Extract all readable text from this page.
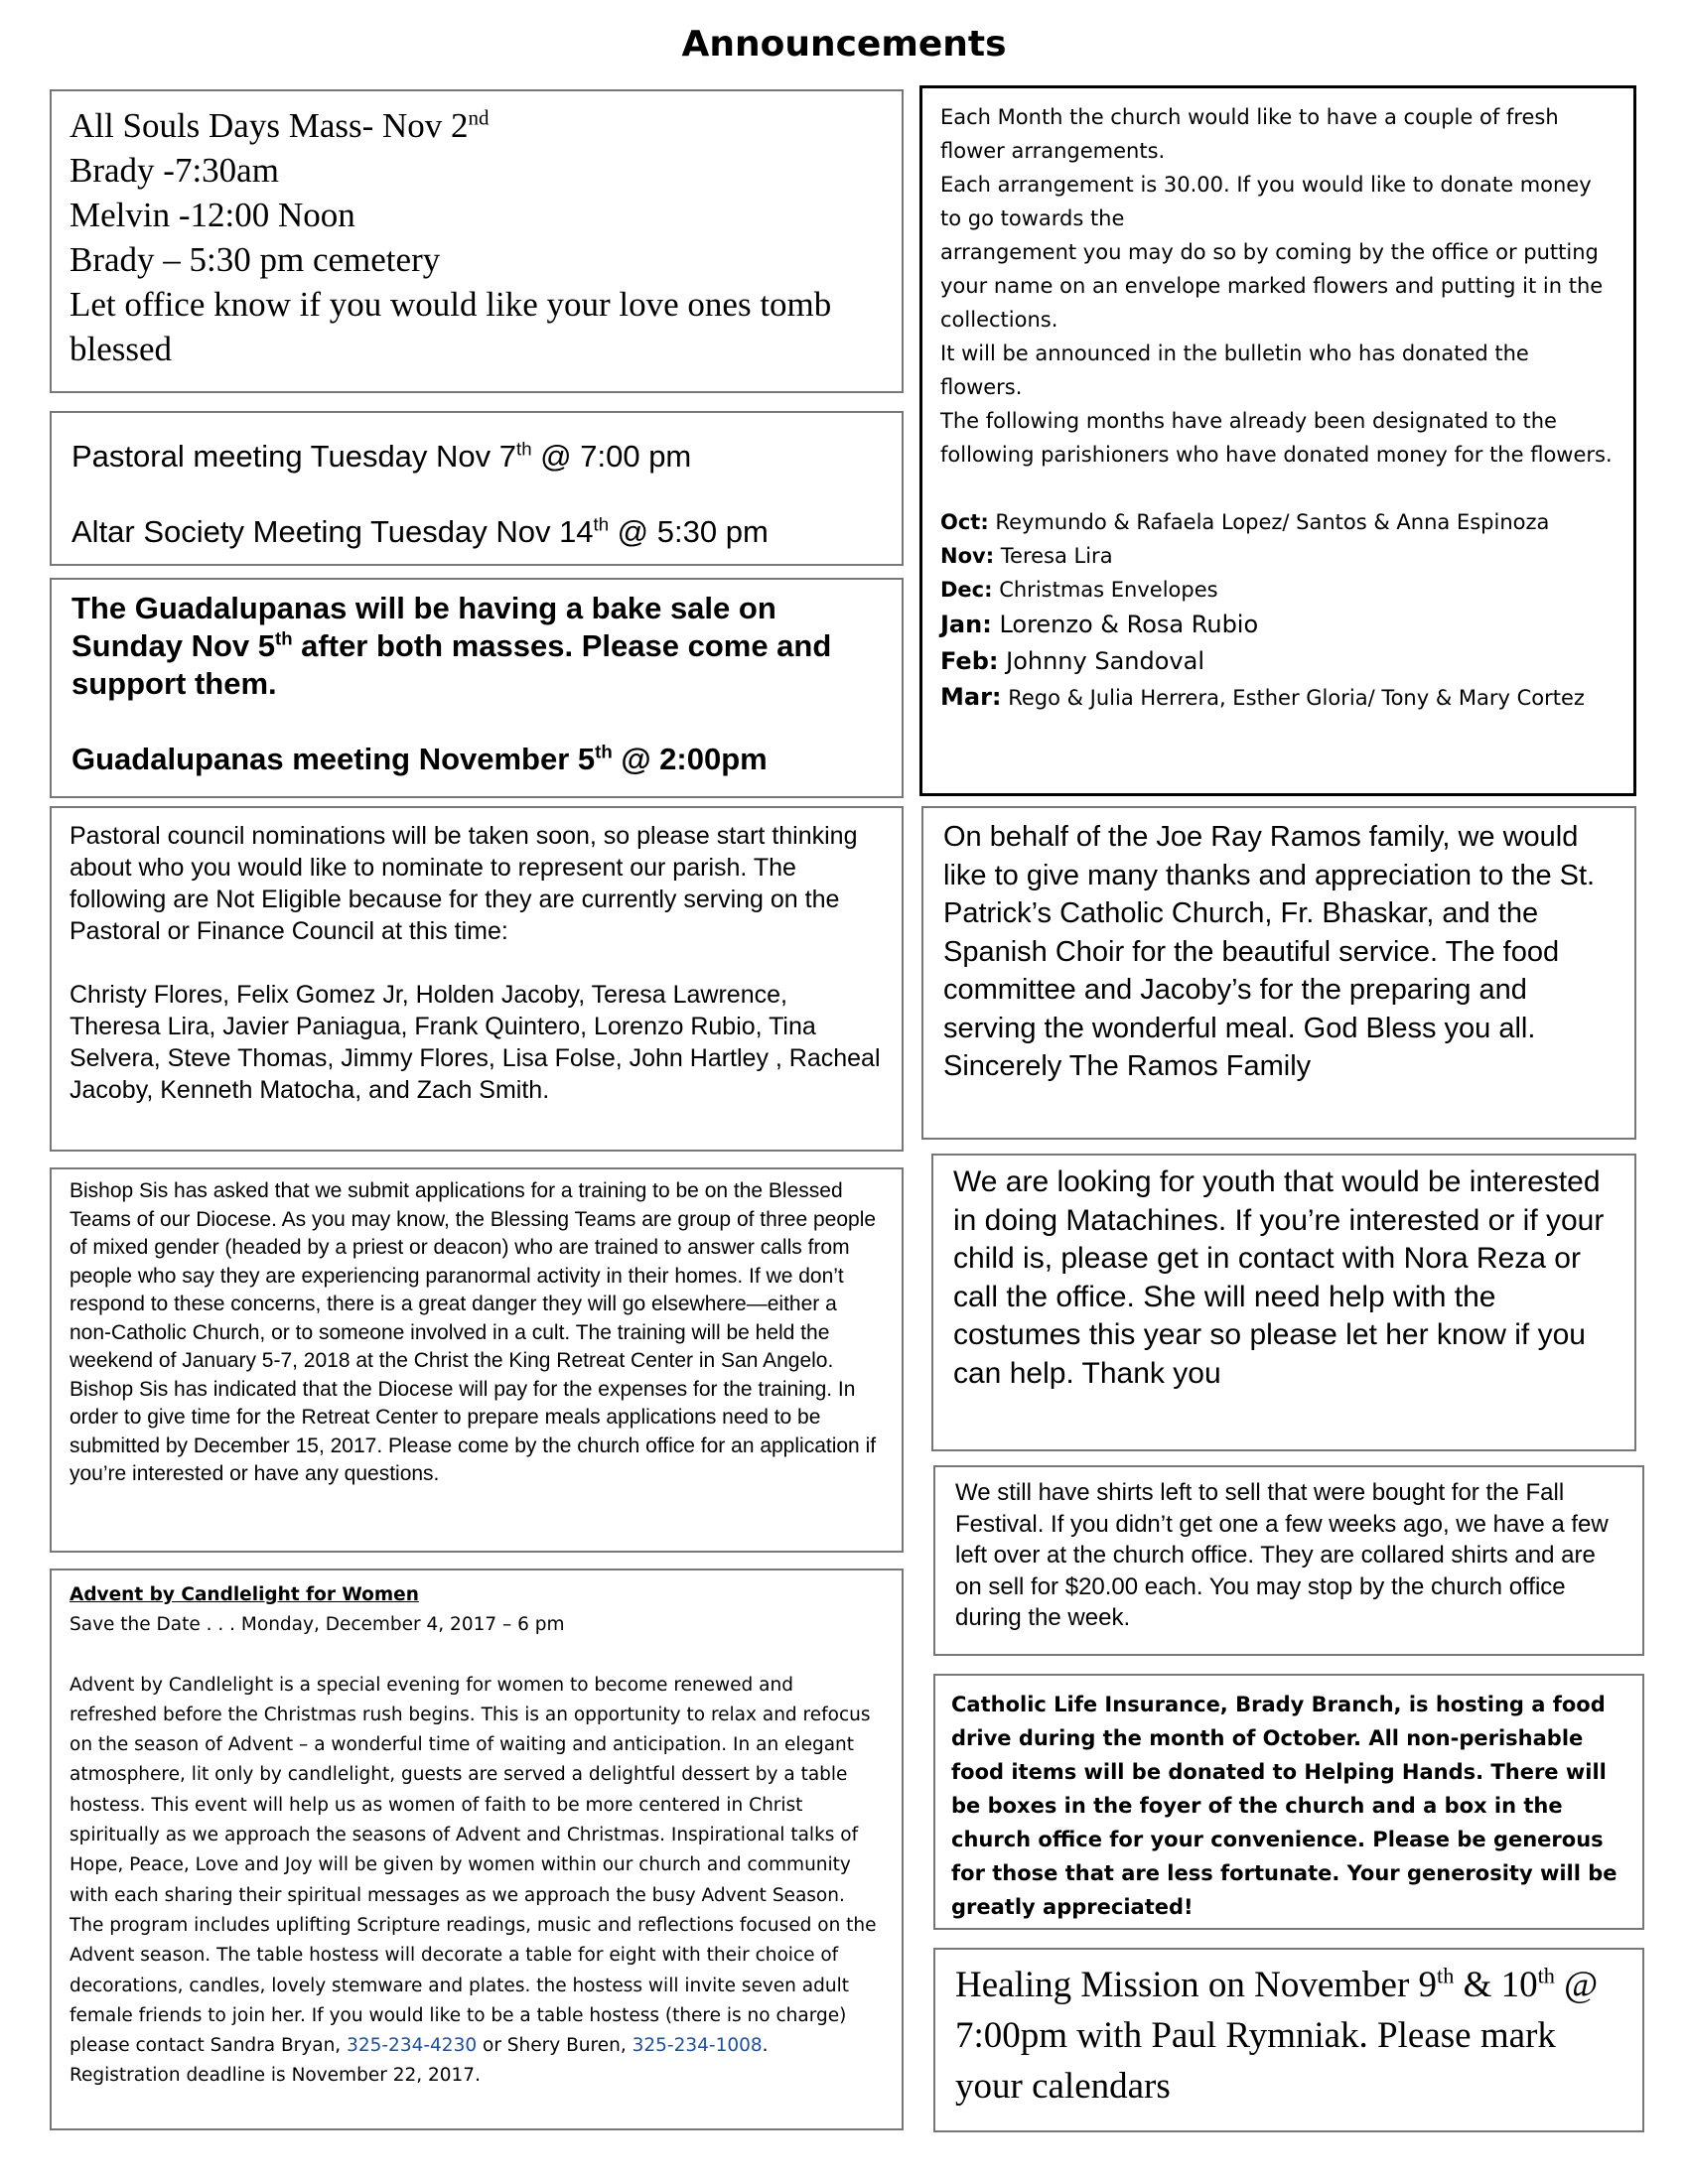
Announcements

All Souls Days Mass- Nov 2nd

Brady -7:30am

Melvin -12:00 Noon

Brady – 5:30 pm cemetery

Let office know if you would like your love ones tomb blessed

Pastoral meeting Tuesday Nov 7th @ 7:00 pm

Altar Society Meeting Tuesday Nov 14th @ 5:30 pm

The Guadalupanas will be having a bake sale on Sunday Nov 5th after both masses. Please come and support them.

Guadalupanas meeting November 5th @ 2:00pm

Pastoral council nominations will be taken soon, so please start thinking about who you would like to nominate to represent our parish. The following are Not Eligible because for they are currently serving on the Pastoral or Finance Council at this time:

Christy Flores, Felix Gomez Jr, Holden Jacoby, Teresa Lawrence, Theresa Lira, Javier Paniagua, Frank Quintero, Lorenzo Rubio, Tina Selvera, Steve Thomas, Jimmy Flores, Lisa Folse, John Hartley , Racheal Jacoby, Kenneth Matocha, and Zach Smith.

Bishop Sis has asked that we submit applications for a training to be on the Blessed Teams of our Diocese. As you may know, the Blessing Teams are group of three people of mixed gender (headed by a priest or deacon) who are trained to answer calls from people who say they are experiencing paranormal activity in their homes. If we don’t respond to these concerns, there is a great danger they will go elsewhere—either a non-Catholic Church, or to someone involved in a cult. The training will be held the weekend of January 5-7, 2018 at the Christ the King Retreat Center in San Angelo. Bishop Sis has indicated that the Diocese will pay for the expenses for the training. In order to give time for the Retreat Center to prepare meals applications need to be submitted by December 15, 2017. Please come by the church office for an application if you’re interested or have any questions.

Advent by Candlelight for Women

Save the Date . . . Monday, December 4, 2017 – 6 pm

Advent by Candlelight is a special evening for women to become renewed and refreshed before the Christmas rush begins. This is an opportunity to relax and refocus on the season of Advent – a wonderful time of waiting and anticipation. In an elegant atmosphere, lit only by candlelight, guests are served a delightful dessert by a table hostess. This event will help us as women of faith to be more centered in Christ spiritually as we approach the seasons of Advent and Christmas. Inspirational talks of Hope, Peace, Love and Joy will be given by women within our church and community with each sharing their spiritual messages as we approach the busy Advent Season. The program includes uplifting Scripture readings, music and reflections focused on the Advent season. The table hostess will decorate a table for eight with their choice of decorations, candles, lovely stemware and plates. the hostess will invite seven adult female friends to join her. If you would like to be a table hostess (there is no charge) please contact Sandra Bryan, 325-234-4230 or Shery Buren, 325-234-1008. Registration deadline is November 22, 2017.

Each Month the church would like to have a couple of fresh flower arrangements.

Each arrangement is 30.00. If you would like to donate money to go towards the

arrangement you may do so by coming by the office or putting your name on an envelope marked flowers and putting it in the collections.

It will be announced in the bulletin who has donated the flowers.

The following months have already been designated to the following parishioners who have donated money for the flowers.

Oct: Reymundo & Rafaela Lopez/ Santos & Anna Espinoza

Nov: Teresa Lira

Dec: Christmas Envelopes

Jan: Lorenzo & Rosa Rubio

Feb: Johnny Sandoval

Mar: Rego & Julia Herrera, Esther Gloria/ Tony & Mary Cortez

On behalf of the Joe Ray Ramos family, we would like to give many thanks and appreciation to the St. Patrick’s Catholic Church, Fr. Bhaskar, and the Spanish Choir for the beautiful service. The food committee and Jacoby’s for the preparing and serving the wonderful meal. God Bless you all. Sincerely The Ramos Family

We are looking for youth that would be interested in doing Matachines. If you’re interested or if your child is, please get in contact with Nora Reza or call the office. She will need help with the costumes this year so please let her know if you can help. Thank you

We still have shirts left to sell that were bought for the Fall Festival. If you didn’t get one a few weeks ago, we have a few left over at the church office. They are collared shirts and are on sell for $20.00 each. You may stop by the church office during the week.

Catholic Life Insurance, Brady Branch, is hosting a food drive during the month of October. All non-perishable food items will be donated to Helping Hands. There will be boxes in the foyer of the church and a box in the church office for your convenience. Please be generous for those that are less fortunate. Your generosity will be greatly appreciated!

Healing Mission on November 9th & 10th @ 7:00pm with Paul Rymniak. Please mark your calendars
